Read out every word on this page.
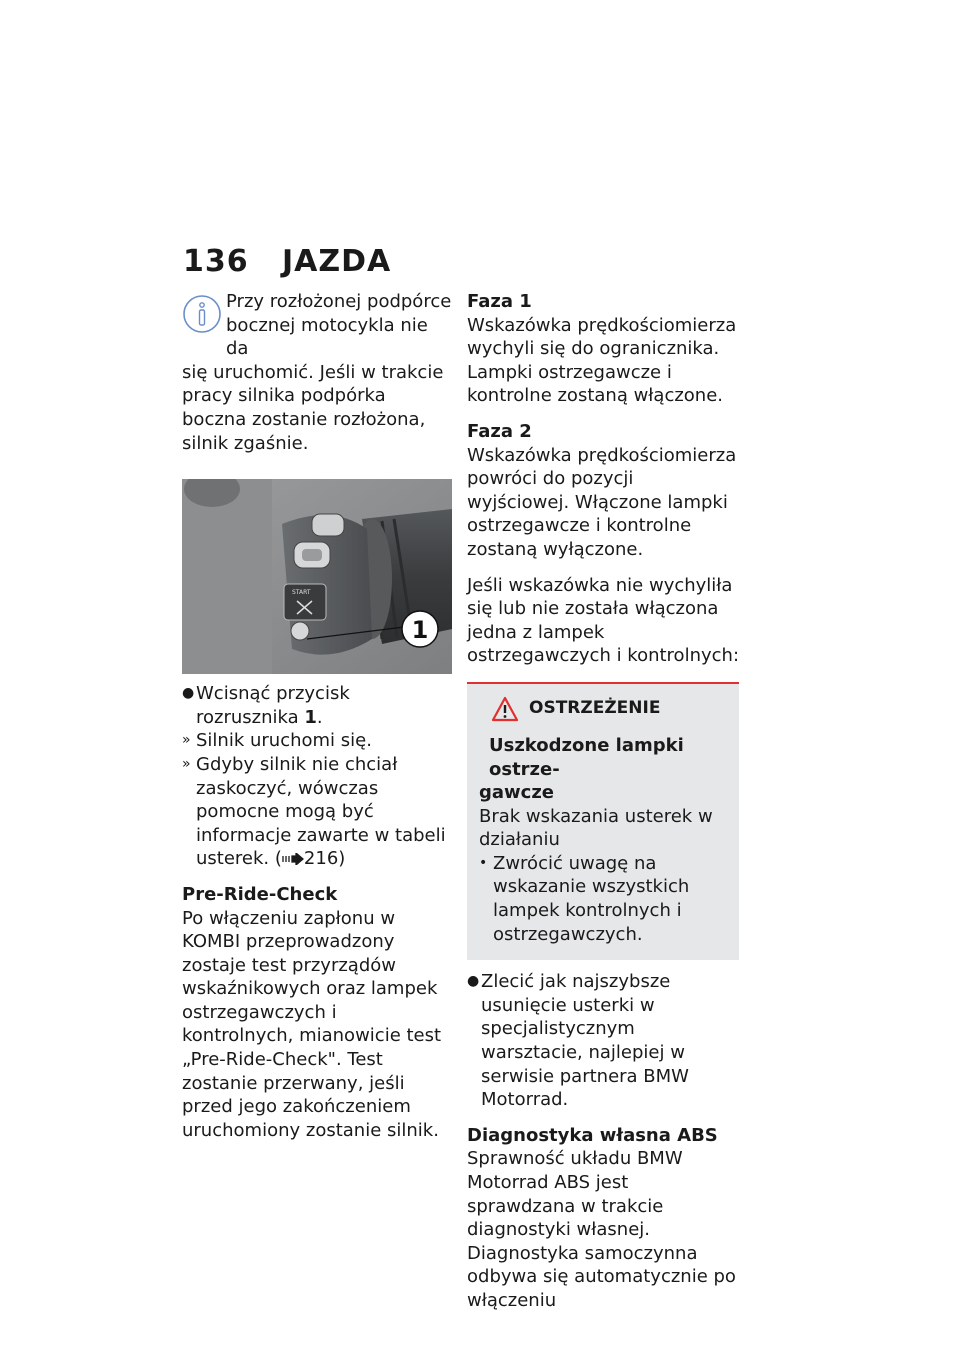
136 JAZDA
Przy rozłożonej podpórce
bocznej motocykla nie da
się uruchomić. Jeśli w trakcie pracy silnika podpórka boczna zostanie rozłożona, silnik zgaśnie.
START
1
● Wcisnąć przycisk rozrusznika 1.
» Silnik uruchomi się.
» Gdyby silnik nie chciał zaskoczyć, wówczas pomocne mogą być informacje zawarte w tabeli usterek. ( 216)

Pre-Ride-Check

Po włączeniu zapłonu w KOMBI przeprowadzony zostaje test przyrządów wskaźnikowych oraz lampek ostrzegawczych i kontrolnych, mianowicie test „Pre-Ride-Check". Test zostanie przerwany, jeśli przed jego zakończeniem uruchomiony zostanie silnik.

Faza 1

Wskazówka prędkościomierza wychyli się do ogranicznika. Lampki ostrzegawcze i kontrolne zostaną włączone.

Faza 2

Wskazówka prędkościomierza powróci do pozycji wyjściowej. Włączone lampki ostrzegawcze i kontrolne zostaną wyłączone.

Jeśli wskazówka nie wychyliła się lub nie została włączona jedna z lampek ostrzegawczych i kontrolnych:

OSTRZEŻENIE

Uszkodzone lampki ostrze-
gawcze

Brak wskazania usterek w działaniu

• Zwrócić uwagę na wskazanie wszystkich lampek kontrolnych i ostrzegawczych.
● Zlecić jak najszybsze usunięcie usterki w specjalistycznym warsztacie, najlepiej w serwisie partnera BMW Motorrad.

Diagnostyka własna ABS

Sprawność układu BMW Motorrad ABS jest sprawdzana w trakcie diagnostyki własnej. Diagnostyka samoczynna odbywa się automatycznie po włączeniu
